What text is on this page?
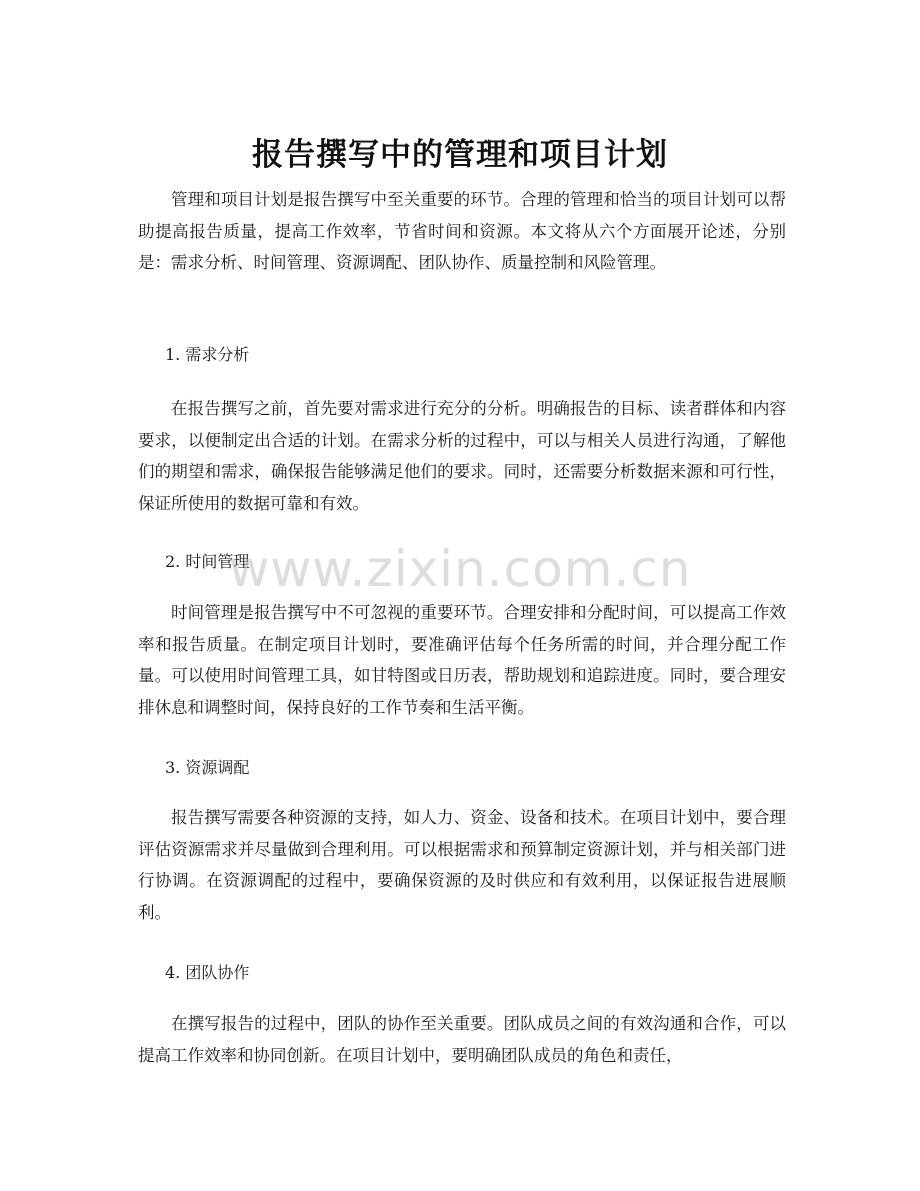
报告撰写中的管理和项目计划

管理和项目计划是报告撰写中至关重要的环节。合理的管理和恰当的项目计划可以帮助提高报告质量，提高工作效率，节省时间和资源。本文将从六个方面展开论述，分别是：需求分析、时间管理、资源调配、团队协作、质量控制和风险管理。

1. 需求分析

在报告撰写之前，首先要对需求进行充分的分析。明确报告的目标、读者群体和内容要求，以便制定出合适的计划。在需求分析的过程中，可以与相关人员进行沟通，了解他们的期望和需求，确保报告能够满足他们的要求。同时，还需要分析数据来源和可行性，保证所使用的数据可靠和有效。

2. 时间管理

时间管理是报告撰写中不可忽视的重要环节。合理安排和分配时间，可以提高工作效率和报告质量。在制定项目计划时，要准确评估每个任务所需的时间，并合理分配工作量。可以使用时间管理工具，如甘特图或日历表，帮助规划和追踪进度。同时，要合理安排休息和调整时间，保持良好的工作节奏和生活平衡。

3. 资源调配

报告撰写需要各种资源的支持，如人力、资金、设备和技术。在项目计划中，要合理评估资源需求并尽量做到合理利用。可以根据需求和预算制定资源计划，并与相关部门进行协调。在资源调配的过程中，要确保资源的及时供应和有效利用，以保证报告进展顺利。

4. 团队协作

在撰写报告的过程中，团队的协作至关重要。团队成员之间的有效沟通和合作，可以提高工作效率和协同创新。在项目计划中，要明确团队成员的角色和责任，

www.zixin.com.cn
